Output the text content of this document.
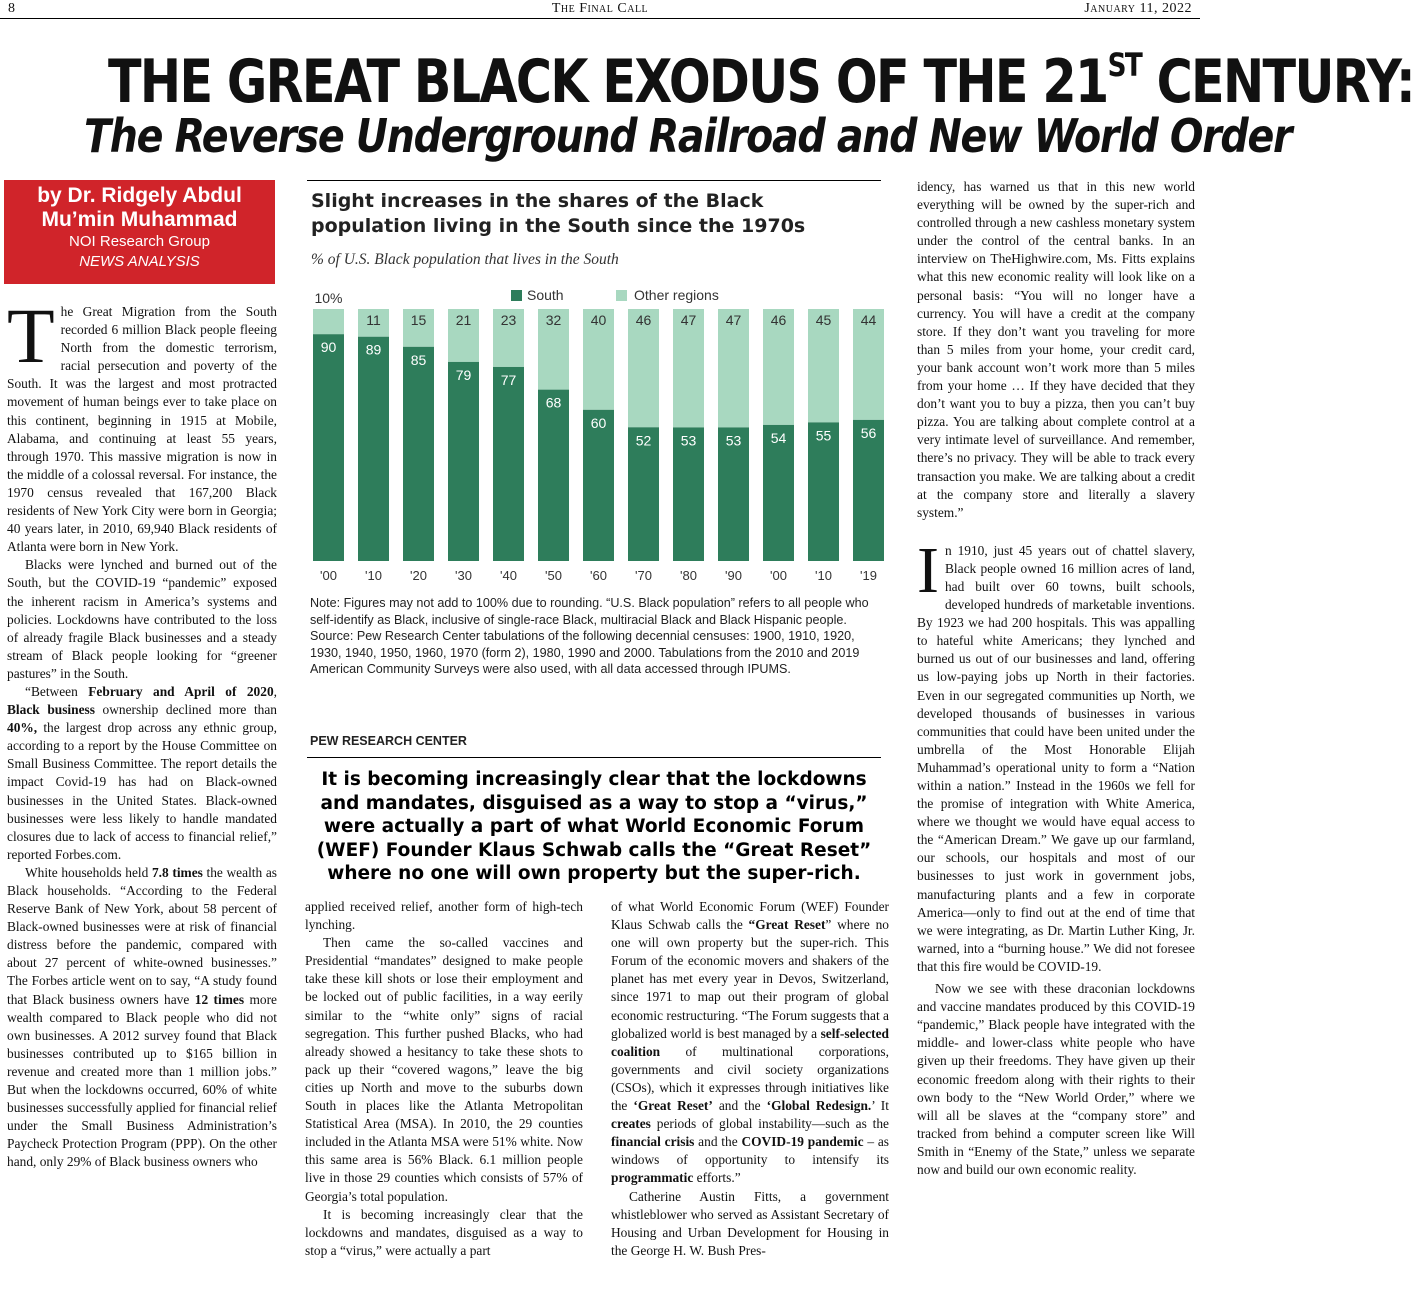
8	The Final Call	January 11, 2022
THE GREAT BLACK EXODUS OF THE 21ST CENTURY:
The Reverse Underground Railroad and New World Order
by Dr. Ridgely Abdul
Mu’min Muhammad
NOI Research Group
NEWS ANALYSIS

The Great Migration from the South recorded 6 million Black people fleeing North from the domestic terrorism, racial persecution and poverty of the South. It was the largest and most protracted movement of human beings ever to take place on this continent, beginning in 1915 at Mobile, Alabama, and continuing at least 55 years, through 1970. This massive migration is now in the middle of a colossal reversal. For instance, the 1970 census revealed that 167,200 Black residents of New York City were born in Georgia; 40 years later, in 2010, 69,940 Black residents of Atlanta were born in New York.

Blacks were lynched and burned out of the South, but the COVID-19 “pandemic” exposed the inherent racism in America’s systems and policies. Lockdowns have contributed to the loss of already fragile Black businesses and a steady stream of Black people looking for “greener pastures” in the South.

“Between February and April of 2020, Black business ownership declined more than 40%, the largest drop across any ethnic group, according to a report by the House Committee on Small Business Committee. The report details the impact Covid-19 has had on Black-owned businesses in the United States. Black-owned businesses were less likely to handle mandated closures due to lack of access to financial relief,” reported Forbes.com.

White households held 7.8 times the wealth as Black households. “According to the Federal Reserve Bank of New York, about 58 percent of Black-owned businesses were at risk of financial distress before the pandemic, compared with about 27 percent of white-owned businesses.” The Forbes article went on to say, “A study found that Black business owners have 12 times more wealth compared to Black people who did not own businesses. A 2012 survey found that Black businesses contributed up to $165 billion in revenue and created more than 1 million jobs.” But when the lockdowns occurred, 60% of white businesses successfully applied for financial relief under the Small Business Administration’s Paycheck Protection Program (PPP). On the other hand, only 29% of Black business owners who

Slight increases in the shares of the Black population living in the South since the 1970s
% of U.S. Black population that lives in the South
South	Other regions
10%
90
'00
11
89
'10
15
85
'20
21
79
'30
23
77
'40
32
68
'50
40
60
'60
46
52
'70
47
53
'80
47
53
'90
46
54
'00
45
55
'10
44
56
'19
Note: Figures may not add to 100% due to rounding. “U.S. Black population” refers to all people who self-identify as Black, inclusive of single-race Black, multiracial Black and Black Hispanic people.
Source: Pew Research Center tabulations of the following decennial censuses: 1900, 1910, 1920, 1930, 1940, 1950, 1960, 1970 (form 2), 1980, 1990 and 2000. Tabulations from the 2010 and 2019 American Community Surveys were also used, with all data accessed through IPUMS.
PEW RESEARCH CENTER
It is becoming increasingly clear that the lockdowns and mandates, disguised as a way to stop a “virus,” were actually a part of what World Economic Forum (WEF) Founder Klaus Schwab calls the “Great Reset” where no one will own property but the super-rich.

applied received relief, another form of high-tech lynching.

Then came the so-called vaccines and Presidential “mandates” designed to make people take these kill shots or lose their employment and be locked out of public facilities, in a way eerily similar to the “white only” signs of racial segregation. This further pushed Blacks, who had already showed a hesitancy to take these shots to pack up their “covered wagons,” leave the big cities up North and move to the suburbs down South in places like the Atlanta Metropolitan Statistical Area (MSA). In 2010, the 29 counties included in the Atlanta MSA were 51% white. Now this same area is 56% Black. 6.1 million people live in those 29 counties which consists of 57% of Georgia’s total population.

It is becoming increasingly clear that the lockdowns and mandates, disguised as a way to stop a “virus,” were actually a part

of what World Economic Forum (WEF) Founder Klaus Schwab calls the “Great Reset” where no one will own property but the super-rich. This Forum of the economic movers and shakers of the planet has met every year in Devos, Switzerland, since 1971 to map out their program of global economic restructuring. “The Forum suggests that a globalized world is best managed by a self-selected coalition of multinational corporations, governments and civil society organizations (CSOs), which it expresses through initiatives like the ‘Great Reset’ and the ‘Global Redesign.’ It creates periods of global instability—such as the financial crisis and the COVID-19 pandemic – as windows of opportunity to intensify its programmatic efforts.”

Catherine Austin Fitts, a government whistleblower who served as Assistant Secretary of Housing and Urban Development for Housing in the George H. W. Bush Pres-

idency, has warned us that in this new world everything will be owned by the super-rich and controlled through a new cashless monetary system under the control of the central banks. In an interview on TheHighwire.com, Ms. Fitts explains what this new economic reality will look like on a personal basis: “You will no longer have a currency. You will have a credit at the company store. If they don’t want you traveling for more than 5 miles from your home, your credit card, your bank account won’t work more than 5 miles from your home … If they have decided that they don’t want you to buy a pizza, then you can’t buy pizza. You are talking about complete control at a very intimate level of surveillance. And remember, there’s no privacy. They will be able to track every transaction you make. We are talking about a credit at the company store and literally a slavery system.”

In 1910, just 45 years out of chattel slavery, Black people owned 16 million acres of land, had built over 60 towns, built schools, developed hundreds of marketable inventions. By 1923 we had 200 hospitals. This was appalling to hateful white Americans; they lynched and burned us out of our businesses and land, offering us low-paying jobs up North in their factories. Even in our segregated communities up North, we developed thousands of businesses in various communities that could have been united under the umbrella of the Most Honorable Elijah Muhammad’s operational unity to form a “Nation within a nation.” Instead in the 1960s we fell for the promise of integration with White America, where we thought we would have equal access to the “American Dream.” We gave up our farmland, our schools, our hospitals and most of our businesses to just work in government jobs, manufacturing plants and a few in corporate America—only to find out at the end of time that we were integrating, as Dr. Martin Luther King, Jr. warned, into a “burning house.” We did not foresee that this fire would be COVID-19.

Now we see with these draconian lockdowns and vaccine mandates produced by this COVID-19 “pandemic,” Black people have integrated with the middle- and lower-class white people who have given up their freedoms. They have given up their economic freedom along with their rights to their own body to the “New World Order,” where we will all be slaves at the “company store” and tracked from behind a computer screen like Will Smith in “Enemy of the State,” unless we separate now and build our own economic reality.
